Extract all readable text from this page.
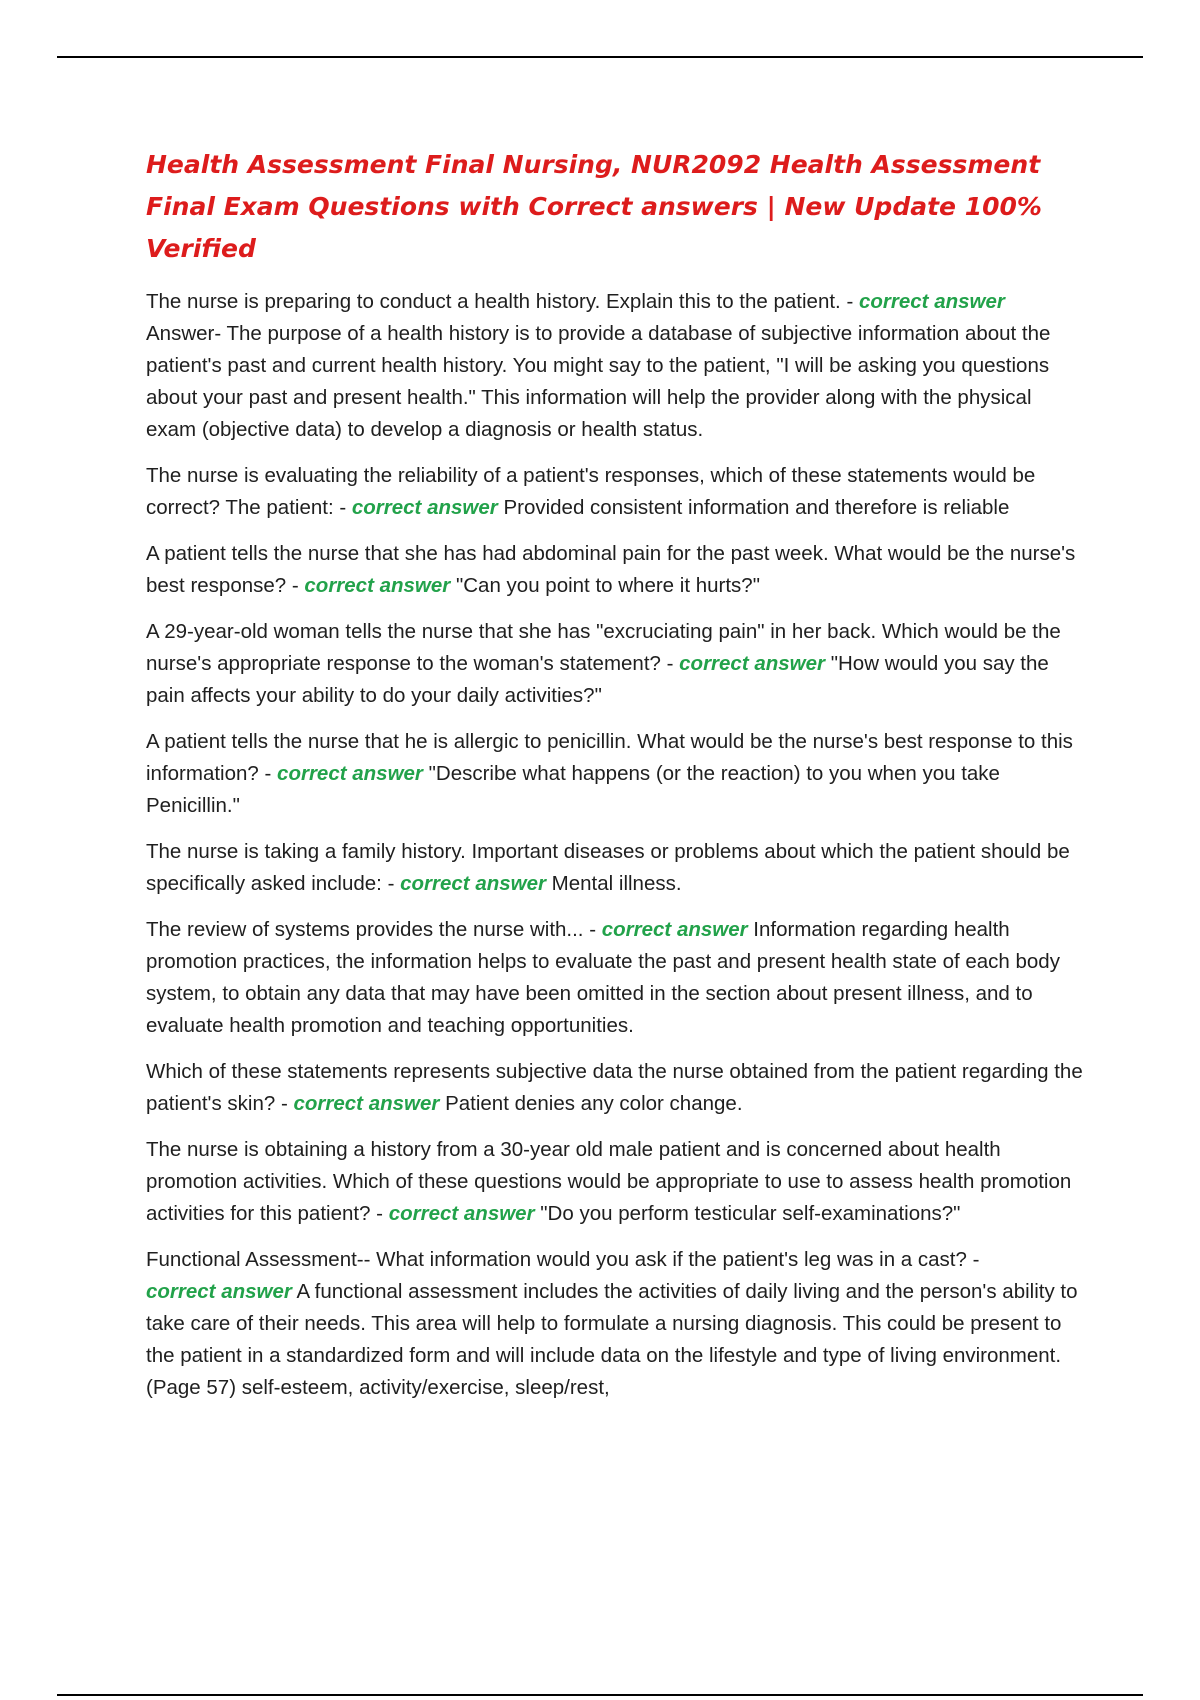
Health Assessment Final Nursing, NUR2092 Health Assessment Final Exam Questions with Correct answers | New Update 100% Verified

The nurse is preparing to conduct a health history. Explain this to the patient. - correct answer
Answer- The purpose of a health history is to provide a database of subjective information about the patient's past and current health history. You might say to the patient, "I will be asking you questions about your past and present health." This information will help the provider along with the physical exam (objective data) to develop a diagnosis or health status.

The nurse is evaluating the reliability of a patient's responses, which of these statements would be correct? The patient: - correct answer Provided consistent information and therefore is reliable

A patient tells the nurse that she has had abdominal pain for the past week. What would be the nurse's best response? - correct answer "Can you point to where it hurts?"

A 29-year-old woman tells the nurse that she has "excruciating pain" in her back. Which would be the nurse's appropriate response to the woman's statement? - correct answer "How would you say the pain affects your ability to do your daily activities?"

A patient tells the nurse that he is allergic to penicillin. What would be the nurse's best response to this information? - correct answer "Describe what happens (or the reaction) to you when you take Penicillin."

The nurse is taking a family history. Important diseases or problems about which the patient should be specifically asked include: - correct answer Mental illness.

The review of systems provides the nurse with... - correct answer Information regarding health promotion practices, the information helps to evaluate the past and present health state of each body system, to obtain any data that may have been omitted in the section about present illness, and to evaluate health promotion and teaching opportunities.

Which of these statements represents subjective data the nurse obtained from the patient regarding the patient's skin? - correct answer Patient denies any color change.

The nurse is obtaining a history from a 30-year old male patient and is concerned about health promotion activities. Which of these questions would be appropriate to use to assess health promotion activities for this patient? - correct answer "Do you perform testicular self-examinations?"

Functional Assessment-- What information would you ask if the patient's leg was in a cast? -
correct answer A functional assessment includes the activities of daily living and the person's ability to take care of their needs. This area will help to formulate a nursing diagnosis. This could be present to the patient in a standardized form and will include data on the lifestyle and type of living environment. (Page 57) self-esteem, activity/exercise, sleep/rest,
